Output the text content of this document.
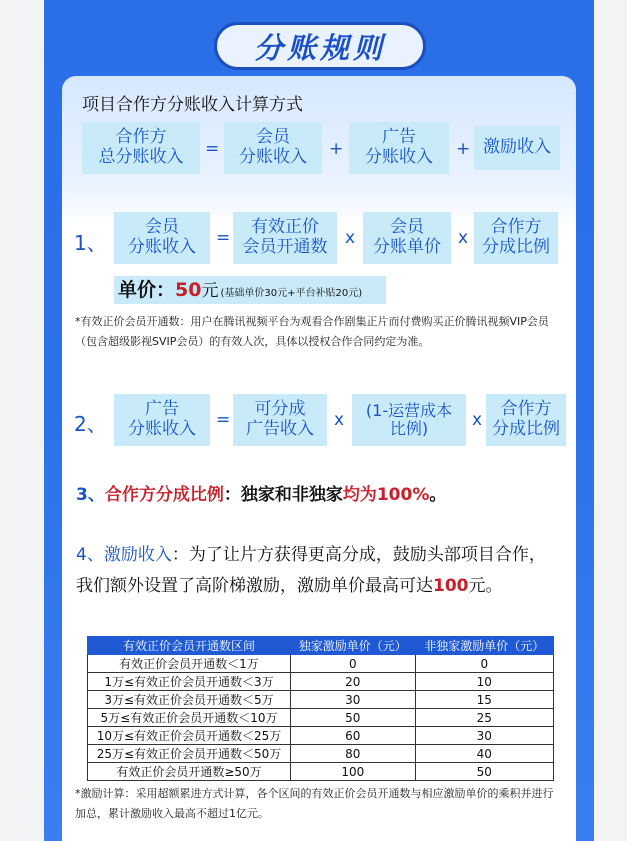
分账规则
项目合作方分账收入计算方式
合作方
总分账收入 =
会员
分账收入 +
广告
分账收入 + 激励收入
1、
会员
分账收入 =
有效正价
会员开通数 x
会员
分账单价 x
合作方
分成比例
单价： 50 元 (基础单价30元+平台补贴20元)
*有效正价会员开通数：用户在腾讯视频平台为观看合作剧集正片而付费购买正价腾讯视频VIP会员（包含超级影视SVIP会员）的有效人次，具体以授权合作合同约定为准。
2、
广告
分账收入 =
可分成
广告收入 x (1-运营成本
比例)	x
合作方
分成比例
3、合作方分成比例：独家和非独家均为100%。
4、激励收入：为了让片方获得更高分成，鼓励头部项目合作，
我们额外设置了高阶梯激励，激励单价最高可达100元。
有效正价会员开通数区间	独家激励单价（元）	非独家激励单价（元）
有效正价会员开通数＜1万	0	0
1万≤有效正价会员开通数＜3万	20	10
3万≤有效正价会员开通数＜5万	30	15
5万≤有效正价会员开通数＜10万	50	25
10万≤有效正价会员开通数＜25万	60	30
25万≤有效正价会员开通数＜50万	80	40
有效正价会员开通数≥50万	100	50
*激励计算：采用超额累进方式计算，各个区间的有效正价会员开通数与相应激励单价的乘积并进行加总，累计激励收入最高不超过1亿元。
